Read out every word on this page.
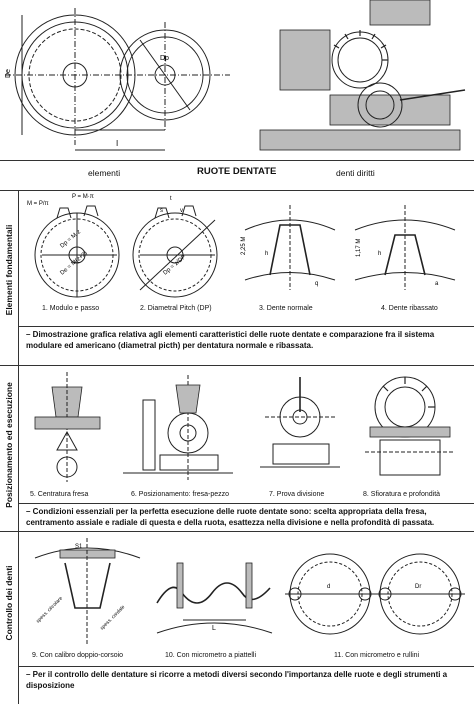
De
Dp
I
elementi	RUOTE DENTATE	denti diritti
Elementi fondamentali
M = P/π
P = M·π
Dp = M·z
De = M(z+2)
t
s	v
Dp = z/DP
2,25 M	h
q
1,17 M	h
a
1. Modulo e passo	2. Diametral Pitch (DP)	3. Dente normale	4. Dente ribassato
– Dimostrazione grafica relativa agli elementi caratteristici delle ruote dentate e comparazione fra il sistema modulare ed americano (diametral picth) per dentatura normale e ribassata.
Posizionamento ed esecuzione 5. Centratura fresa	6. Posizionamento: fresa-pezzo	7. Prova divisione	8. Sfioratura e profondità
– Condizioni essenziali per la perfetta esecuzione delle ruote dentate sono: scelta appropriata della fresa, centramento assiale e radiale di questa e della ruota, esattezza nella divisione e nella profondità di passata.
Controllo dei denti
S1
spess. circolare	spess. cordale	L
d	Dr
9. Con calibro doppio-corsoio	10. Con micrometro a piattelli	11. Con micrometro e rullini
– Per il controllo delle dentature si ricorre a metodi diversi secondo l'importanza delle ruote e degli strumenti a disposizione
